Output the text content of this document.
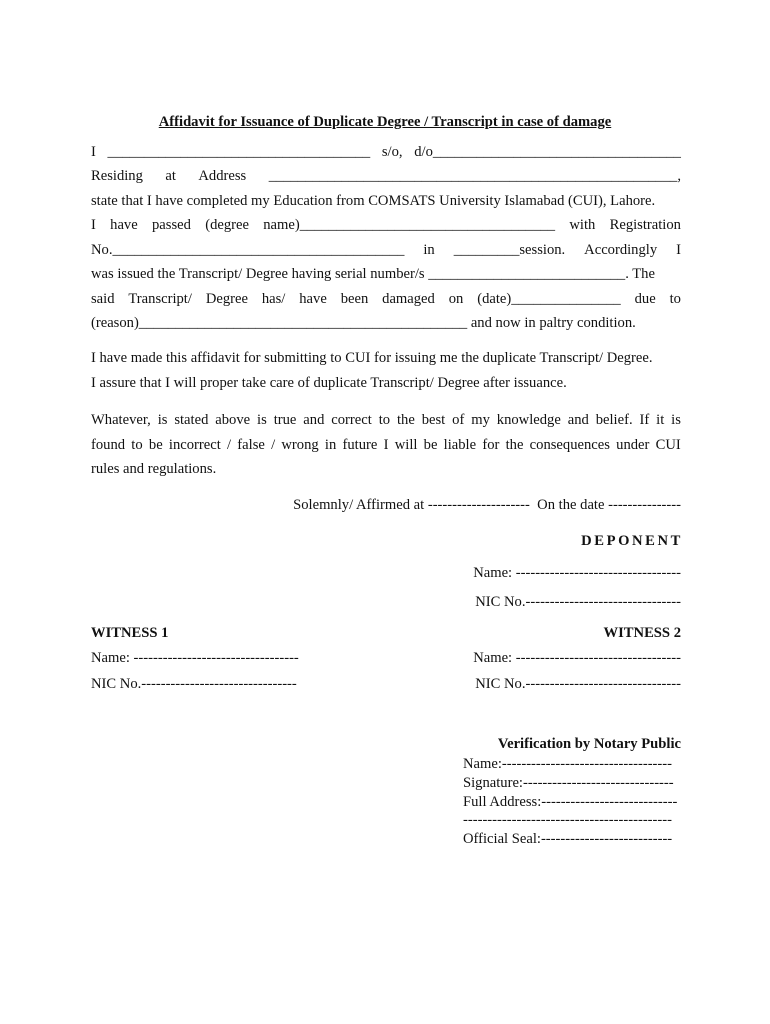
Affidavit for Issuance of Duplicate Degree / Transcript in case of damage
I ____________________________________ s/o, d/o__________________________________
Residing at Address ________________________________________________________,
state that I have completed my Education from COMSATS University Islamabad (CUI), Lahore.
I have passed (degree name)___________________________________ with Registration
No.________________________________________ in _________session. Accordingly I
was issued the Transcript/ Degree having serial number/s ___________________________. The
said Transcript/ Degree has/ have been damaged on (date)_______________ due to
(reason)_____________________________________________ and now in paltry condition.
I have made this affidavit for submitting to CUI for issuing me the duplicate Transcript/ Degree.
I assure that I will proper take care of duplicate Transcript/ Degree after issuance.
Whatever, is stated above is true and correct to the best of my knowledge and belief. If it is
found to be incorrect / false / wrong in future I will be liable for the consequences under CUI
rules and regulations.
Solemnly/ Affirmed at ---------------------  On the date ---------------
DEPONENT
Name: ----------------------------------
NIC No.--------------------------------
WITNESS 1
Name: ----------------------------------
NIC No.--------------------------------
WITNESS 2
Name: ----------------------------------
NIC No.--------------------------------
Verification by Notary Public
Name:-----------------------------------
Signature:-------------------------------
Full Address:----------------------------
-------------------------------------------
Official Seal:---------------------------
